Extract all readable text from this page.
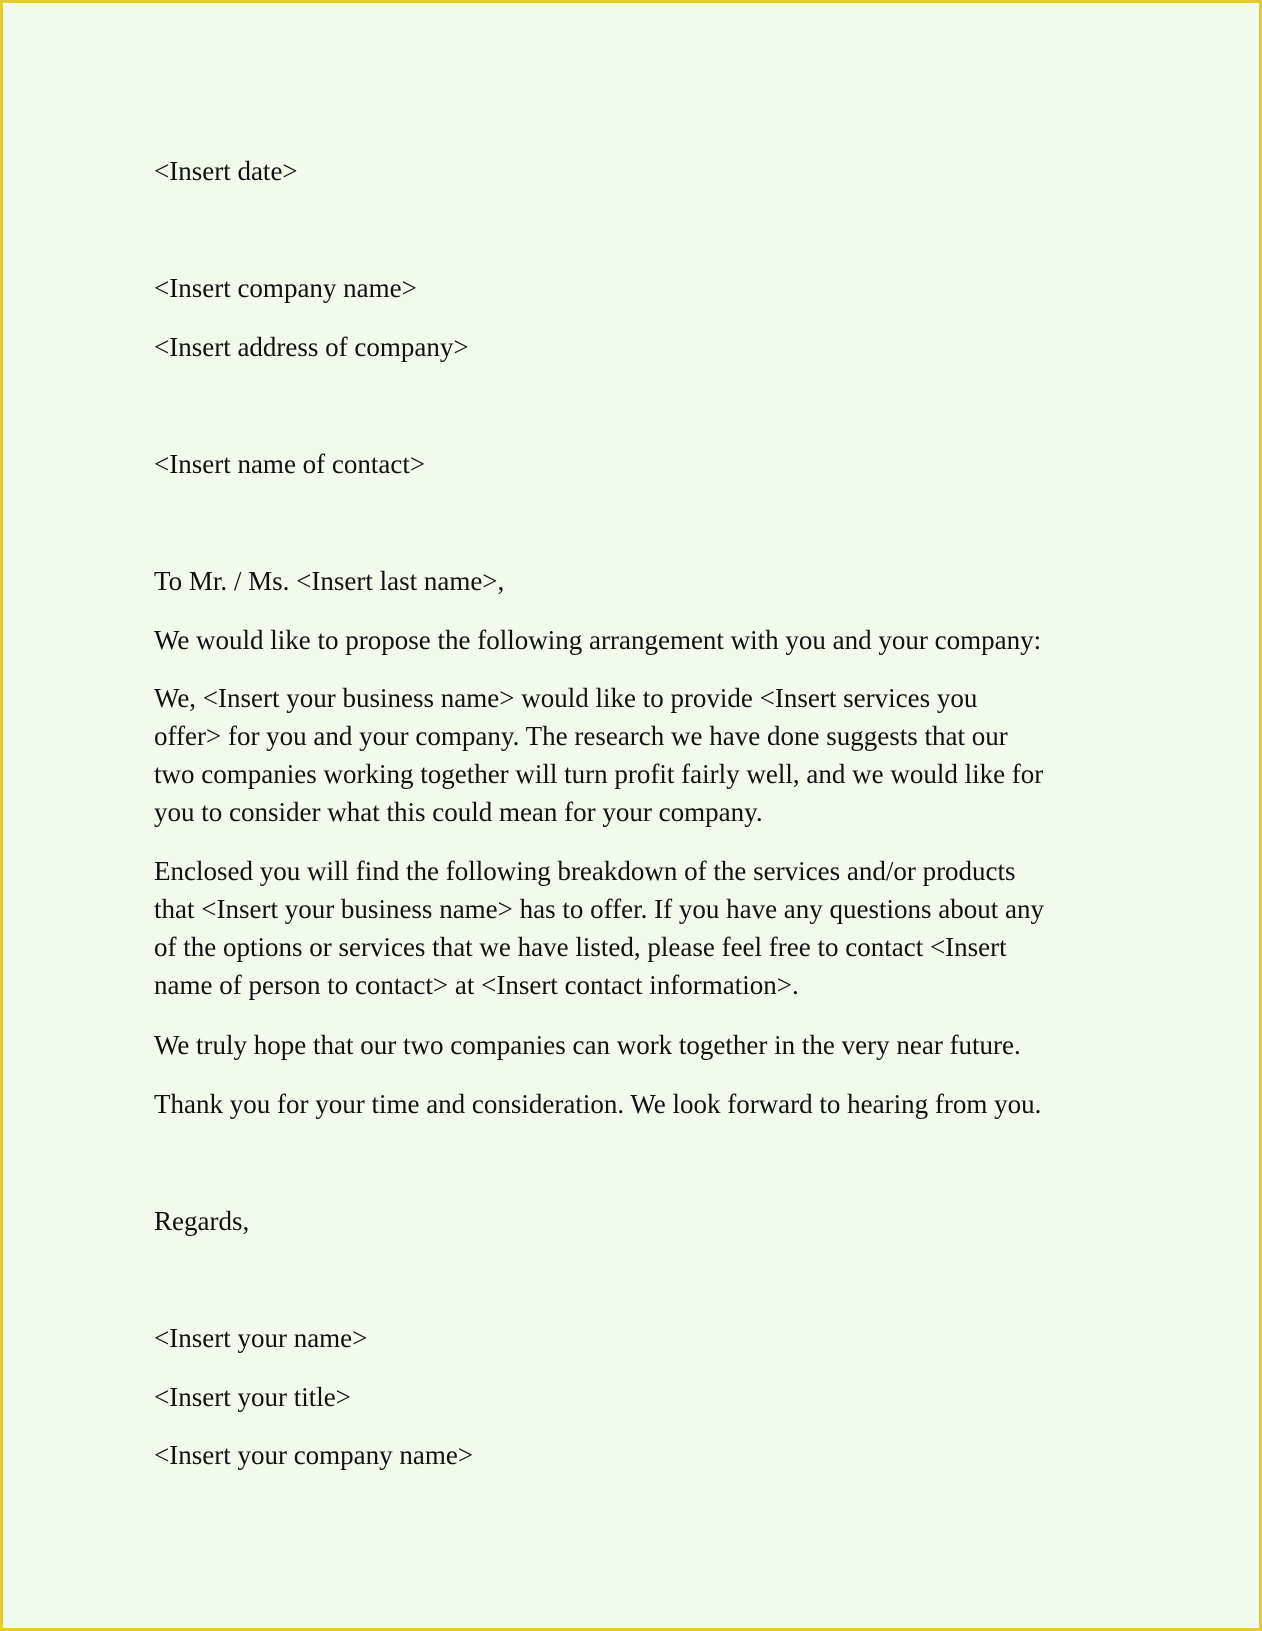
<Insert date>

<Insert company name>

<Insert address of company>

<Insert name of contact>

To Mr. / Ms. <Insert last name>,

We would like to propose the following arrangement with you and your company:

We, <Insert your business name> would like to provide <Insert services you
offer> for you and your company. The research we have done suggests that our
two companies working together will turn profit fairly well, and we would like for
you to consider what this could mean for your company.
Enclosed you will find the following breakdown of the services and/or products
that <Insert your business name> has to offer. If you have any questions about any
of the options or services that we have listed, please feel free to contact <Insert
name of person to contact> at <Insert contact information>.

We truly hope that our two companies can work together in the very near future.

Thank you for your time and consideration. We look forward to hearing from you.

Regards,

<Insert your name>

<Insert your title>

<Insert your company name>
